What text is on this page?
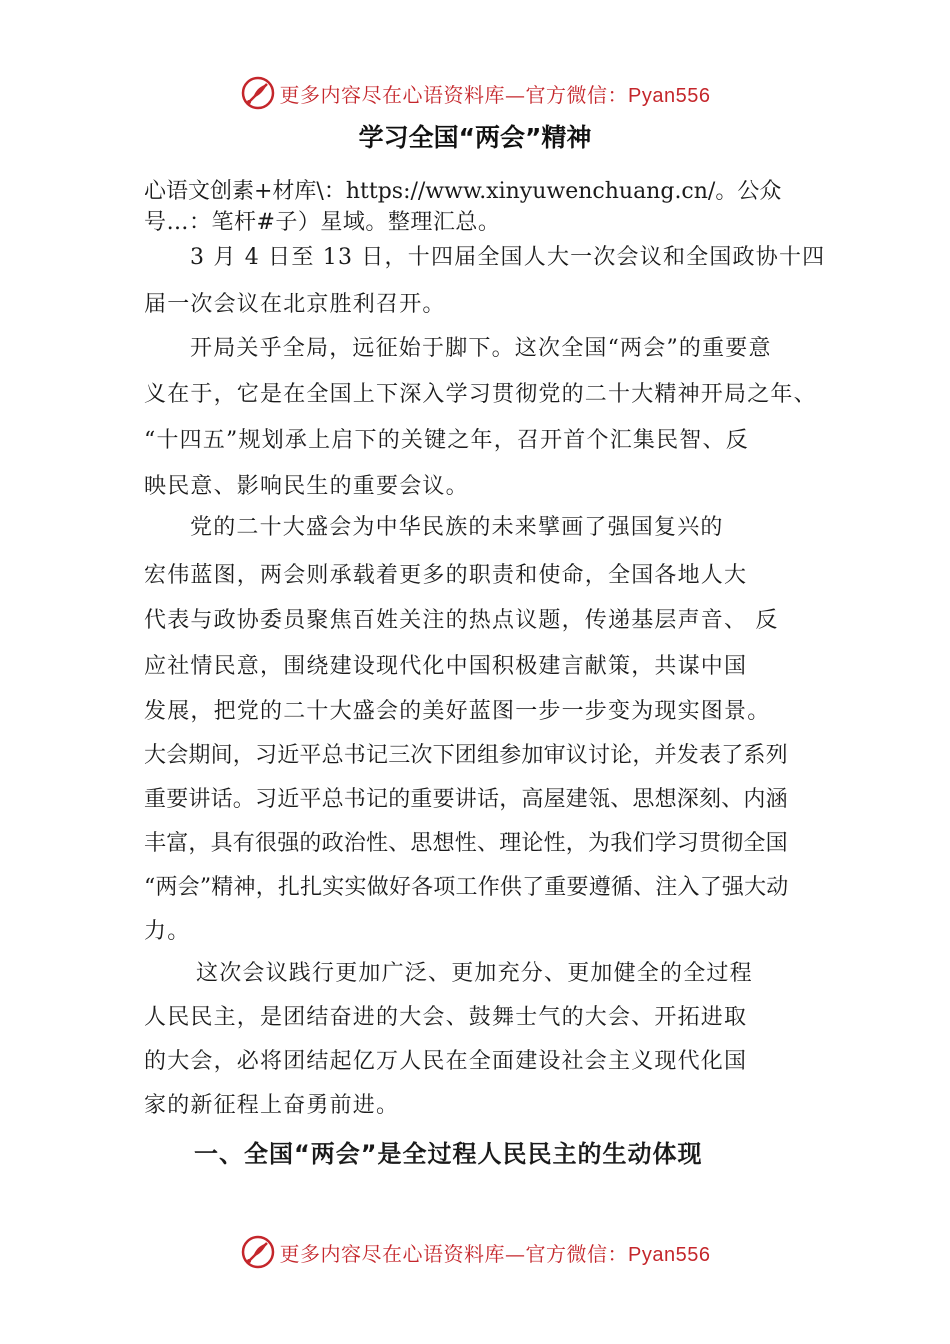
更多内容尽在心语资料库—官方微信：Pyan556
学习全国“两会”精神
心语文创素+材库\：https://www.xinyuwenchuang.cn/。公众
号…：笔杆#子）星域。整理汇总。
3 月 4 日至 13 日，十四届全国人大一次会议和全国政协十四
届一次会议在北京胜利召开。
开局关乎全局，远征始于脚下。这次全国“两会”的重要意
义在于，它是在全国上下深入学习贯彻党的二十大精神开局之年、
“十四五”规划承上启下的关键之年，召开首个汇集民智、反
映民意、影响民生的重要会议。
党的二十大盛会为中华民族的未来擘画了强国复兴的
宏伟蓝图，两会则承载着更多的职责和使命，全国各地人大
代表与政协委员聚焦百姓关注的热点议题，传递基层声音、 反
应社情民意，围绕建设现代化中国积极建言献策，共谋中国
发展，把党的二十大盛会的美好蓝图一步一步变为现实图景。
大会期间，习近平总书记三次下团组参加审议讨论，并发表了系列
重要讲话。习近平总书记的重要讲话，高屋建瓴、思想深刻、内涵
丰富，具有很强的政治性、思想性、理论性，为我们学习贯彻全国
“两会”精神，扎扎实实做好各项工作供了重要遵循、注入了强大动
力。
这次会议践行更加广泛、更加充分、更加健全的全过程
人民民主，是团结奋进的大会、鼓舞士气的大会、开拓进取
的大会，必将团结起亿万人民在全面建设社会主义现代化国
家的新征程上奋勇前进。
一、全国“两会”是全过程人民民主的生动体现
更多内容尽在心语资料库—官方微信：Pyan556
